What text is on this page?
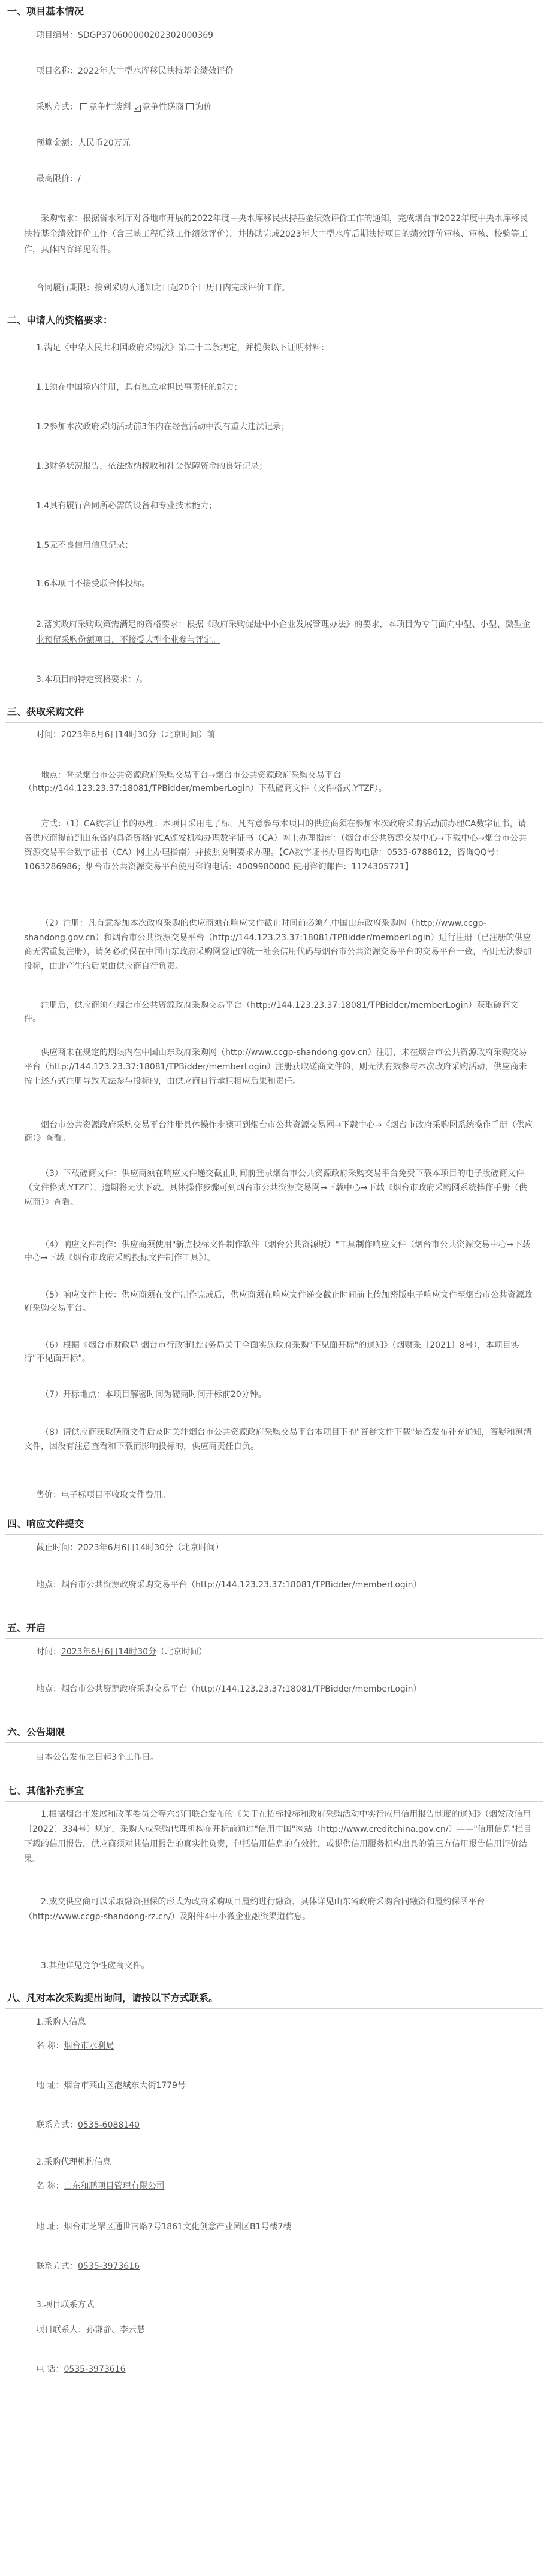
一、项目基本情况
项目编号：SDGP370600000202302000369
项目名称：2022年大中型水库移民扶持基金绩效评价
采购方式： 竞争性谈判 ✓ 竞争性磋商 询价
预算金额：人民币20万元
最高限价：/
采购需求：根据省水利厅对各地市开展的2022年度中央水库移民扶持基金绩效评价工作的通知，完成烟台市2022年度中央水库移民扶持基金绩效评价工作（含三峡工程后续工作绩效评价），并协助完成2023年大中型水库后期扶持项目的绩效评价审核、审核、校验等工作，具体内容详见附件。
合同履行期限：接到采购人通知之日起20个日历日内完成评价工作。
二、申请人的资格要求：
1.满足《中华人民共和国政府采购法》第二十二条规定，并提供以下证明材料：
1.1须在中国境内注册，具有独立承担民事责任的能力；
1.2参加本次政府采购活动前3年内在经营活动中没有重大违法记录；
1.3财务状况报告，依法缴纳税收和社会保障资金的良好记录；
1.4具有履行合同所必需的设备和专业技术能力；
1.5无不良信用信息记录；
1.6本项目不接受联合体投标。
2.落实政府采购政策需满足的资格要求：根据《政府采购促进中小企业发展管理办法》的要求，本项目为专门面向中型、小型、微型企业预留采购份额项目，不接受大型企业参与评定。
3.本项目的特定资格要求：/。
三、获取采购文件
时间：2023年6月6日14时30分（北京时间）前
地点：登录烟台市公共资源政府采购交易平台→烟台市公共资源政府采购交易平台（http://144.123.23.37:18081/TPBidder/memberLogin）下载磋商文件（文件格式.YTZF）。
方式：（1）CA数字证书的办理：本项目采用电子标，凡有意参与本项目的供应商须在参加本次政府采购活动前办理CA数字证书，请各供应商提前到山东省内具备资格的CA颁发机构办理数字证书（CA）网上办理指南：（烟台市公共资源交易中心→下载中心→烟台市公共资源交易平台数字证书（CA）网上办理指南）并按照说明要求办理。【CA数字证书办理咨询电话：0535-6788612，咨询QQ号：1063286986；烟台市公共资源交易平台使用咨询电话：4009980000 使用咨询邮件：1124305721】
（2）注册：凡有意参加本次政府采购的供应商须在响应文件截止时间前必须在中国山东政府采购网（http://www.ccgp-shandong.gov.cn）和烟台市公共资源交易平台（http://144.123.23.37:18081/TPBidder/memberLogin）进行注册（已注册的供应商无需重复注册），请务必确保在中国山东政府采购网登记的统一社会信用代码与烟台市公共资源交易平台的交易平台一致，否则无法参加投标，由此产生的后果由供应商自行负责。
注册后，供应商须在烟台市公共资源政府采购交易平台（http://144.123.23.37:18081/TPBidder/memberLogin）获取磋商文件。
供应商未在规定的期限内在中国山东政府采购网（http://www.ccgp-shandong.gov.cn）注册，未在烟台市公共资源政府采购交易平台（http://144.123.23.37:18081/TPBidder/memberLogin）注册获取磋商文件的，则无法有效参与本次政府采购活动，供应商未按上述方式注册导致无法参与投标的，由供应商自行承担相应后果和责任。
烟台市公共资源政府采购交易平台注册具体操作步骤可到烟台市公共资源交易网→下载中心→《烟台市政府采购网系统操作手册（供应商）》查看。
（3）下载磋商文件：供应商须在响应文件递交截止时间前登录烟台市公共资源政府采购交易平台免费下载本项目的电子版磋商文件（文件格式.YTZF），逾期将无法下载。具体操作步骤可到烟台市公共资源交易网→下载中心→下载《烟台市政府采购网系统操作手册（供应商）》查看。
（4）响应文件制作：供应商须使用"新点投标文件制作软件（烟台公共资源版）"工具制作响应文件（烟台市公共资源交易中心→下载中心→下载《烟台市政府采购投标文件制作工具》）。
（5）响应文件上传：供应商须在文件制作完成后，供应商须在响应文件递交截止时间前上传加密版电子响应文件至烟台市公共资源政府采购交易平台。
（6）根据《烟台市财政局 烟台市行政审批服务局关于全面实施政府采购"不见面开标"的通知》（烟财采〔2021〕8号），本项目实行"不见面开标"。
（7）开标地点：本项目解密时间为磋商时间开标前20分钟。
（8）请供应商获取磋商文件后及时关注烟台市公共资源政府采购交易平台本项目下的"答疑文件下载"是否发布补充通知，答疑和澄清文件，因没有注意查看和下载而影响投标的，供应商责任自负。
售价：电子标项目不收取文件费用。
四、响应文件提交
截止时间：2023年6月6日14时30分（北京时间）
地点：烟台市公共资源政府采购交易平台（http://144.123.23.37:18081/TPBidder/memberLogin）
五、开启
时间：2023年6月6日14时30分（北京时间）
地点：烟台市公共资源政府采购交易平台（http://144.123.23.37:18081/TPBidder/memberLogin）
六、公告期限
自本公告发布之日起3个工作日。
七、其他补充事宜
1.根据烟台市发展和改革委员会等六部门联合发布的《关于在招标投标和政府采购活动中实行应用信用报告制度的通知》（烟发改信用〔2022〕334号）规定，采购人或采购代理机构在开标前通过"信用中国"网站（http://www.creditchina.gov.cn/）——"信用信息"栏目下载的信用报告，供应商须对其信用报告的真实性负责，包括信用信息的有效性，或提供信用服务机构出具的第三方信用报告信用评价结果。
2.成交供应商可以采取融资担保的形式为政府采购项目履约进行融资，具体详见山东省政府采购合同融资和履约保函平台（http://www.ccgp-shandong-rz.cn/）及附件4中小微企业融资渠道信息。
3.其他详见竞争性磋商文件。
八、凡对本次采购提出询问，请按以下方式联系。
1.采购人信息
名 称：烟台市水利局
地 址：烟台市莱山区港城东大街1779号
联系方式：0535-6088140
2.采购代理机构信息
名 称：山东和鹏项目管理有限公司
地 址：烟台市芝罘区通世南路7号1861文化创意产业园区B1号楼7楼
联系方式：0535-3973616
3.项目联系方式
项目联系人：孙谦静、李云慧
电 话：0535-3973616
